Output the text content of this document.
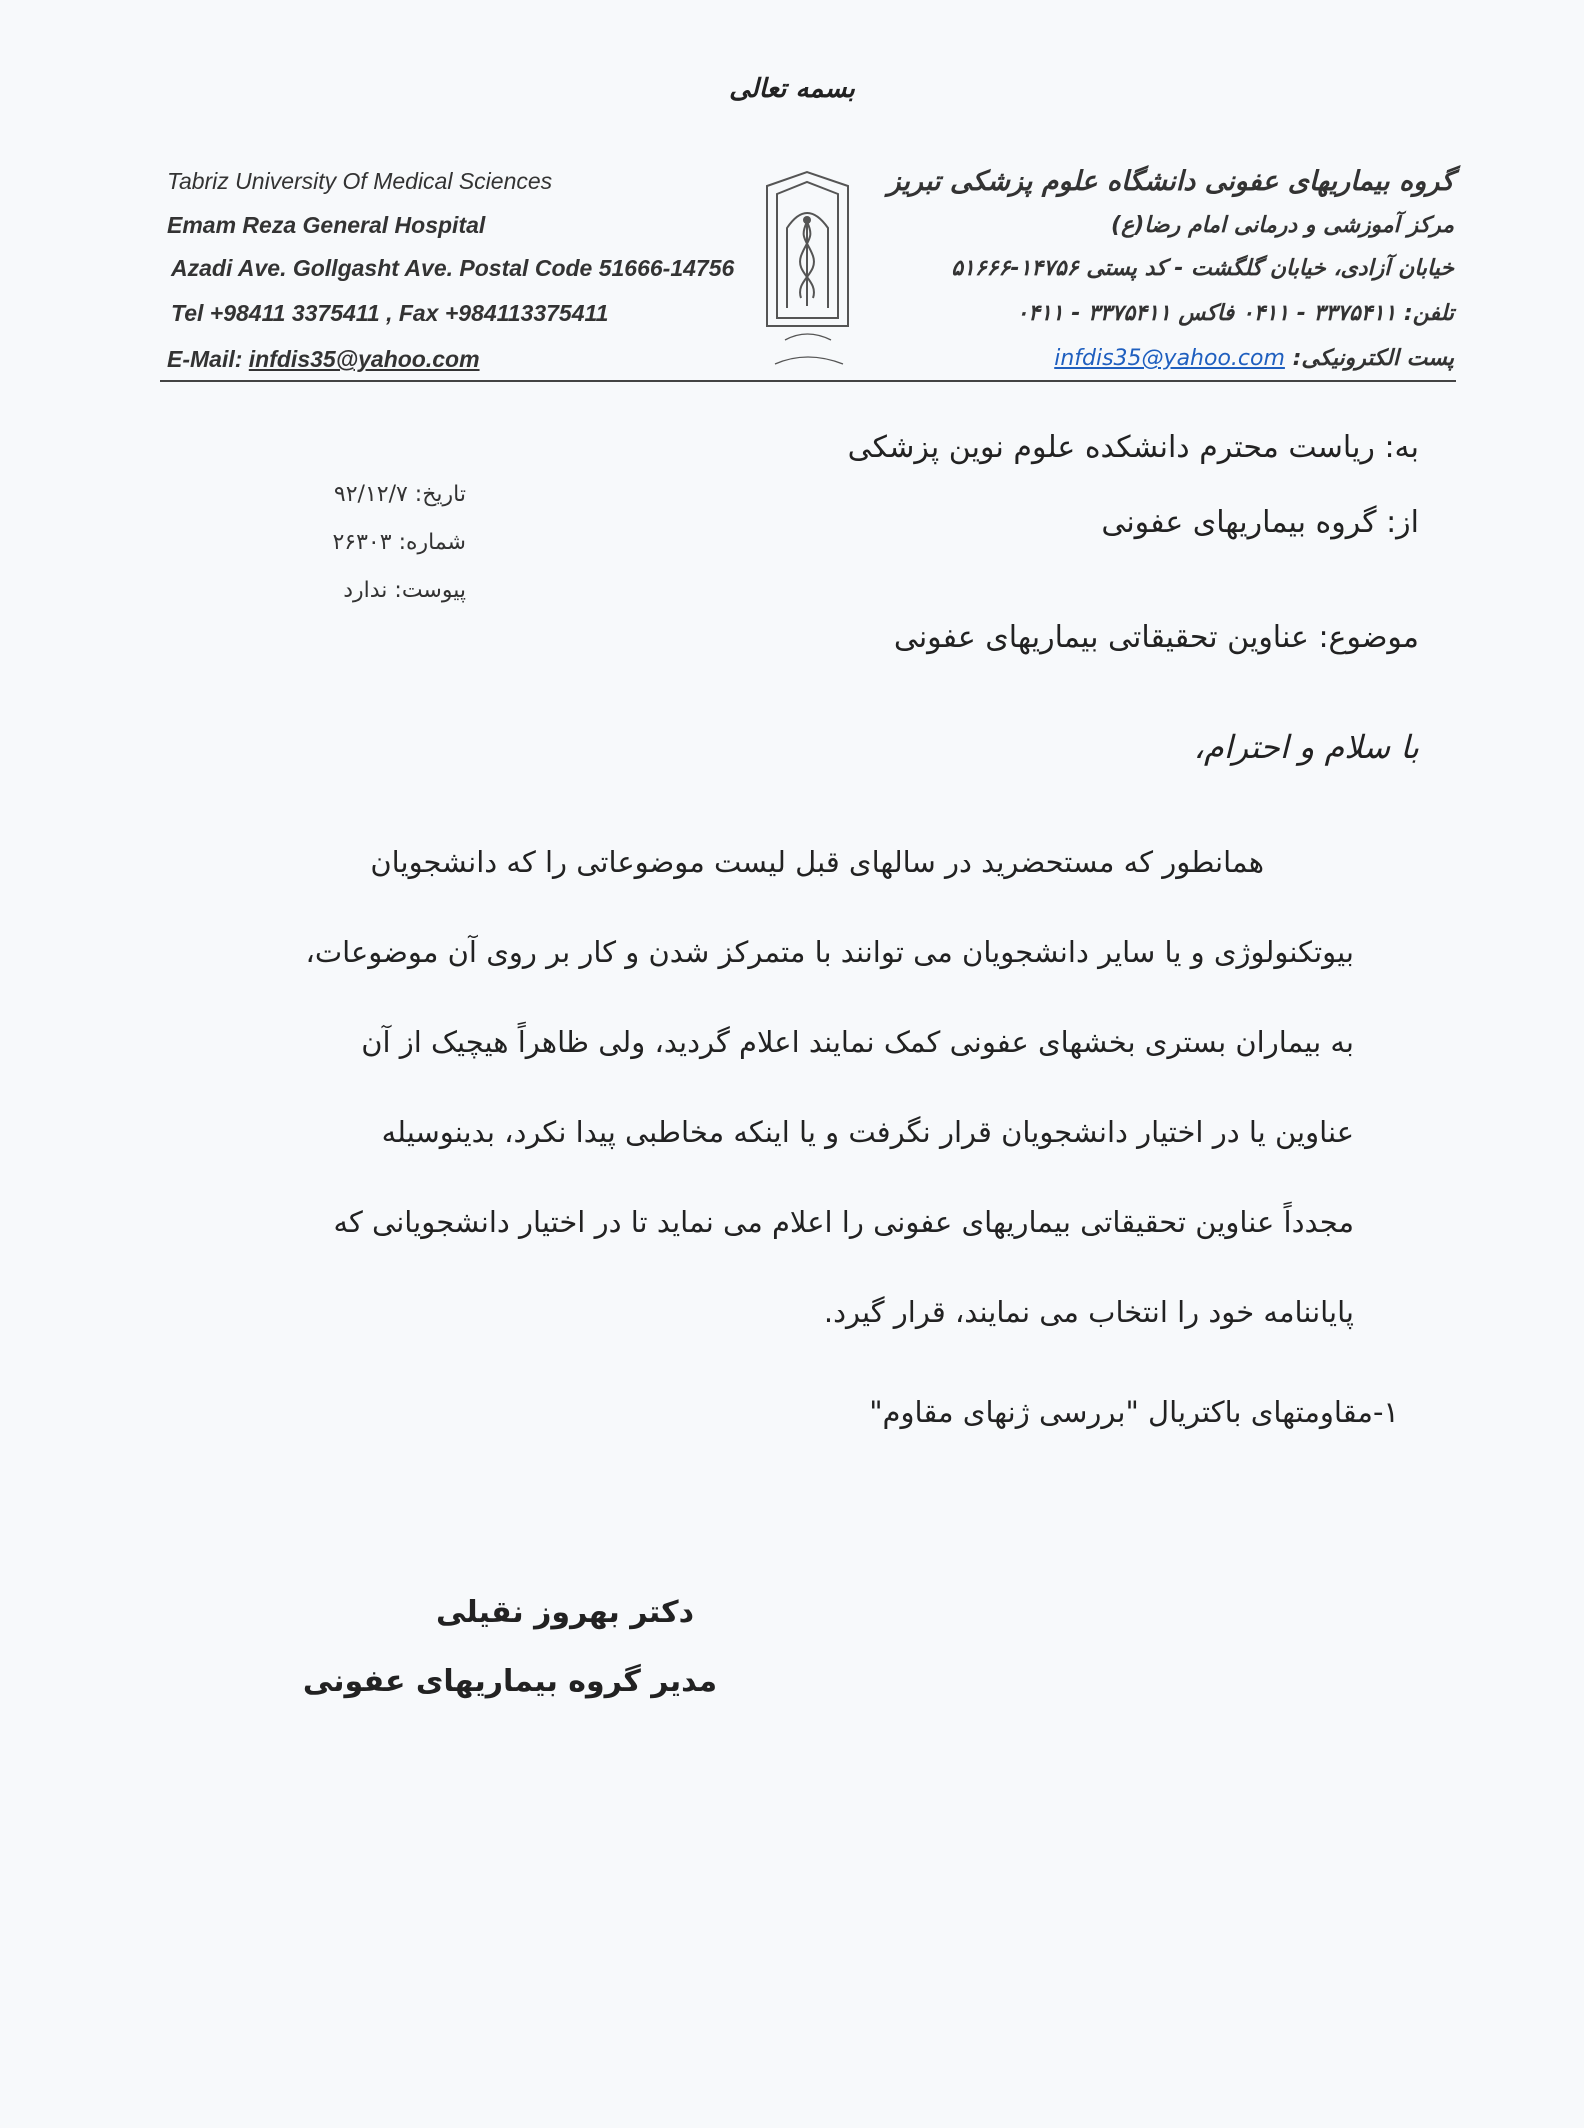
بسمه تعالی
Tabriz University Of Medical Sciences
Emam Reza General Hospital
Azadi Ave. Gollgasht Ave. Postal Code 51666-14756
Tel +98411 3375411 , Fax +984113375411
E-Mail: infdis35@yahoo.com
گروه بیماریهای عفونی دانشگاه علوم پزشکی تبریز
مرکز آموزشی و درمانی امام رضا(ع)
خیابان آزادی، خیابان گلگشت - کد پستی ۱۴۷۵۶-۵۱۶۶۶
تلفن: ۳۳۷۵۴۱۱ - ۰۴۱۱ فاکس ۳۳۷۵۴۱۱ - ۰۴۱۱
پست الکترونیکی: infdis35@yahoo.com
تاریخ: ۹۲/۱۲/۷
شماره: ۲۶۳۰۳
پیوست: ندارد
به: ریاست محترم دانشکده علوم نوین پزشکی
از: گروه بیماریهای عفونی
موضوع: عناوین تحقیقاتی بیماریهای عفونی
با سلام و احترام،
همانطور که مستحضرید در سالهای قبل لیست موضوعاتی را که دانشجویان
بیوتکنولوژی و یا سایر دانشجویان می توانند با متمرکز شدن و کار بر روی آن موضوعات،
به بیماران بستری بخشهای عفونی کمک نمایند اعلام گردید، ولی ظاهراً هیچیک از آن
عناوین یا در اختیار دانشجویان قرار نگرفت و یا اینکه مخاطبی پیدا نکرد، بدینوسیله
مجدداً عناوین تحقیقاتی بیماریهای عفونی را اعلام می نماید تا در اختیار دانشجویانی که
پایاننامه خود را انتخاب می نمایند، قرار گیرد.
۱-مقاومتهای باکتریال "بررسی ژنهای مقاوم"
دکتر بهروز نقیلی
مدیر گروه بیماریهای عفونی
